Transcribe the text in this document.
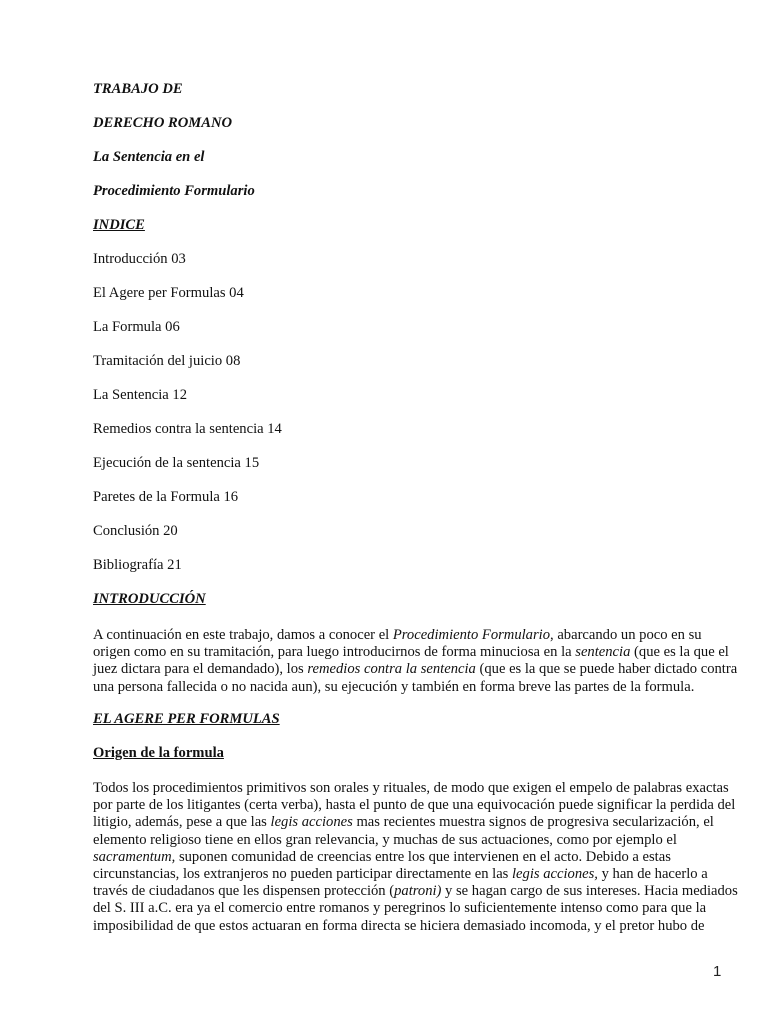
TRABAJO DE
DERECHO ROMANO
La Sentencia en el
Procedimiento Formulario
INDICE
Introducción 03
El Agere per Formulas 04
La Formula 06
Tramitación del juicio 08
La Sentencia 12
Remedios contra la sentencia 14
Ejecución de la sentencia 15
Paretes de la Formula 16
Conclusión 20
Bibliografía 21
INTRODUCCIÓN
A continuación en este trabajo, damos a conocer el Procedimiento Formulario, abarcando un poco en su
origen como en su tramitación, para luego introducirnos de forma minuciosa en la sentencia (que es la que el
juez dictara para el demandado), los remedios contra la sentencia (que es la que se puede haber dictado contra
una persona fallecida o no nacida aun), su ejecución y también en forma breve las partes de la formula.
EL AGERE PER FORMULAS
Origen de la formula
Todos los procedimientos primitivos son orales y rituales, de modo que exigen el empelo de palabras exactas
por parte de los litigantes (certa verba), hasta el punto de que una equivocación puede significar la perdida del
litigio, además, pese a que las legis acciones mas recientes muestra signos de progresiva secularización, el
elemento religioso tiene en ellos gran relevancia, y muchas de sus actuaciones, como por ejemplo el
sacramentum, suponen comunidad de creencias entre los que intervienen en el acto. Debido a estas
circunstancias, los extranjeros no pueden participar directamente en las legis acciones, y han de hacerlo a
través de ciudadanos que les dispensen protección (patroni) y se hagan cargo de sus intereses. Hacia mediados
del S. III a.C. era ya el comercio entre romanos y peregrinos lo suficientemente intenso como para que la
imposibilidad de que estos actuaran en forma directa se hiciera demasiado incomoda, y el pretor hubo de
1
